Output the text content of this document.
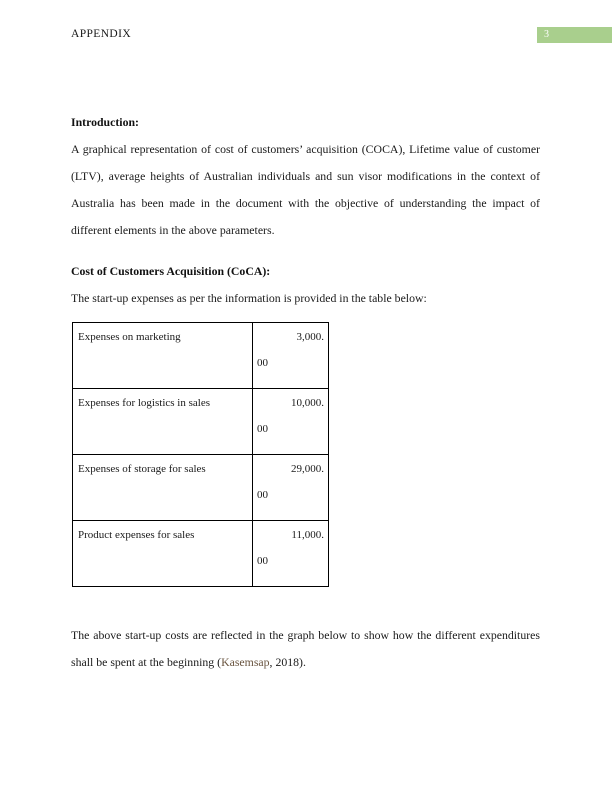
APPENDIX	3
Introduction:

A graphical representation of cost of customers’ acquisition (COCA), Lifetime value of customer (LTV), average heights of Australian individuals and sun visor modifications in the context of Australia has been made in the document with the objective of understanding the impact of different elements in the above parameters.

Cost of Customers Acquisition (CoCA):

The start-up expenses as per the information is provided in the table below:

Expenses on marketing	3,000.
00

Expenses for logistics in sales	10,000.
00

Expenses of storage for sales	29,000.
00

Product expenses for sales	11,000.
00

The above start-up costs are reflected in the graph below to show how the different expenditures shall be spent at the beginning (Kasemsap, 2018).
